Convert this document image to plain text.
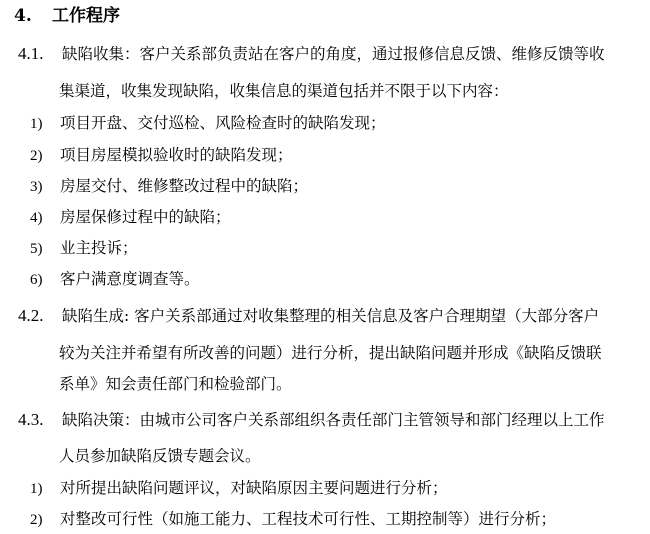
4. 工作程序
4.1. 缺陷收集：客户关系部负责站在客户的角度，通过报修信息反馈、维修反馈等收
集渠道，收集发现缺陷，收集信息的渠道包括并不限于以下内容：
1) 项目开盘、交付巡检、风险检查时的缺陷发现；
2) 项目房屋模拟验收时的缺陷发现；
3) 房屋交付、维修整改过程中的缺陷；
4) 房屋保修过程中的缺陷；
5) 业主投诉；
6) 客户满意度调查等。
4.2. 缺陷生成: 客户关系部通过对收集整理的相关信息及客户合理期望（大部分客户
较为关注并希望有所改善的问题）进行分析，提出缺陷问题并形成《缺陷反馈联
系单》知会责任部门和检验部门。
4.3. 缺陷决策：由城市公司客户关系部组织各责任部门主管领导和部门经理以上工作
人员参加缺陷反馈专题会议。
1) 对所提出缺陷问题评议，对缺陷原因主要问题进行分析；
2) 对整改可行性（如施工能力、工程技术可行性、工期控制等）进行分析；
